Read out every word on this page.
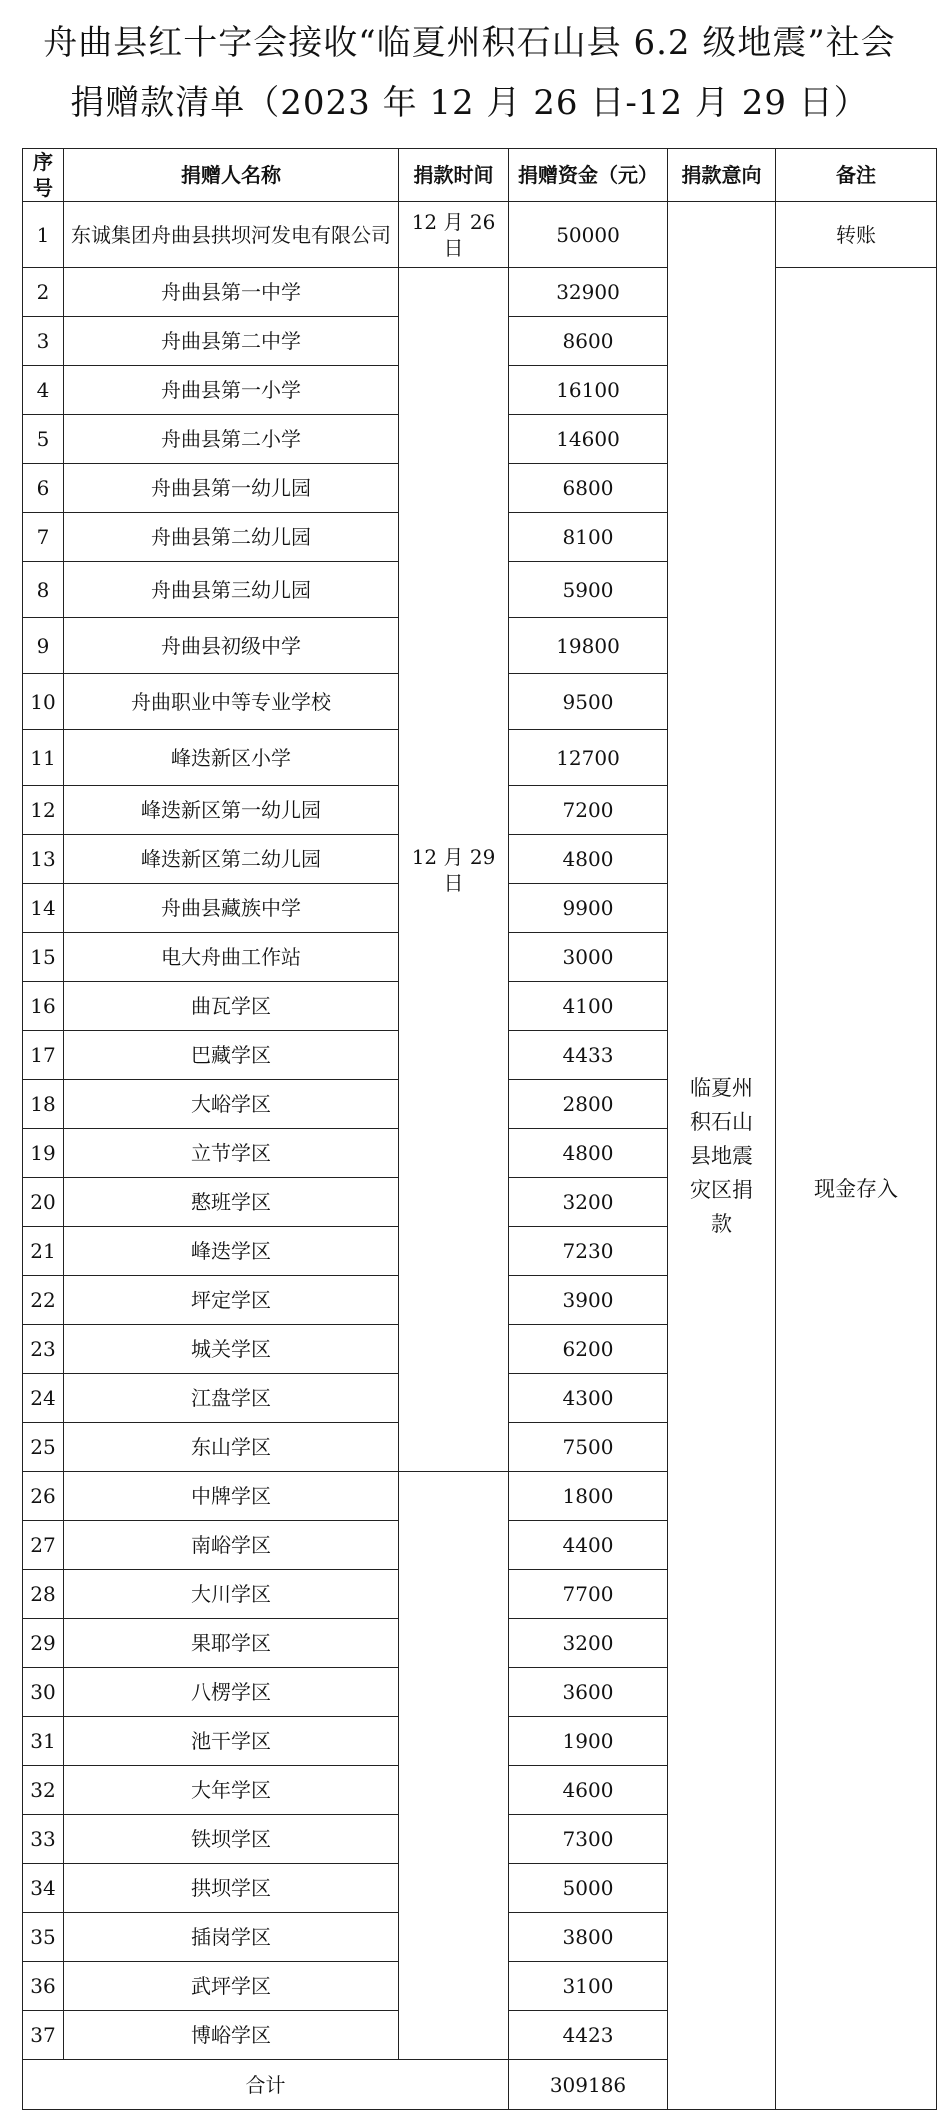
舟曲县红十字会接收“临夏州积石山县 6.2 级地震”社会
捐赠款清单（2023 年 12 月 26 日-12 月 29 日）
序号	捐赠人名称	捐款时间	捐赠资金（元）	捐款意向	备注
1	东诚集团舟曲县拱坝河发电有限公司	12 月 26 日	50000	临夏州积石山县地震灾区捐款	转账
2	舟曲县第一中学	12 月 29 日	32900		现金存入
3	舟曲县第二中学		8600		
4	舟曲县第一小学		16100		
5	舟曲县第二小学		14600		
6	舟曲县第一幼儿园		6800		
7	舟曲县第二幼儿园		8100		
8	舟曲县第三幼儿园		5900		
9	舟曲县初级中学		19800		
10	舟曲职业中等专业学校		9500		
11	峰迭新区小学		12700		
12	峰迭新区第一幼儿园		7200		
13	峰迭新区第二幼儿园		4800		
14	舟曲县藏族中学		9900		
15	电大舟曲工作站		3000		
16	曲瓦学区		4100		
17	巴藏学区		4433		
18	大峪学区		2800		
19	立节学区		4800		
20	憨班学区		3200		
21	峰迭学区		7230		
22	坪定学区		3900		
23	城关学区		6200		
24	江盘学区		4300		
25	东山学区		7500		
26	中牌学区		1800		
27	南峪学区		4400		
28	大川学区		7700		
29	果耶学区		3200		
30	八楞学区		3600		
31	池干学区		1900		
32	大年学区		4600		
33	铁坝学区		7300		
34	拱坝学区		5000		
35	插岗学区		3800		
36	武坪学区		3100		
37	博峪学区		4423		
合计			309186		
